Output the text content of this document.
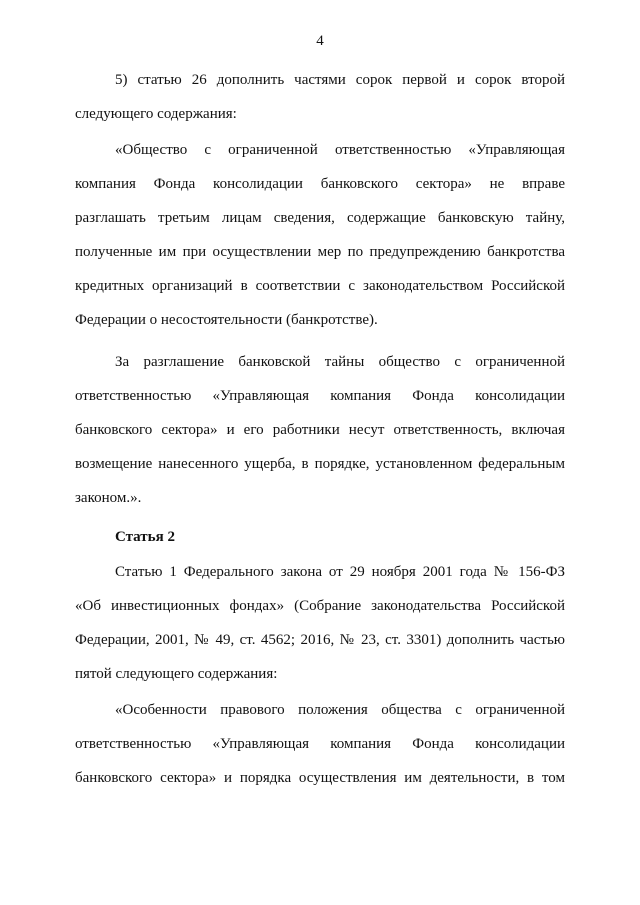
4
5) статью 26 дополнить частями сорок первой и сорок второй
следующего содержания:
«Общество с ограниченной ответственностью «Управляющая
компания Фонда консолидации банковского сектора» не вправе
разглашать третьим лицам сведения, содержащие банковскую тайну,
полученные им при осуществлении мер по предупреждению банкротства
кредитных организаций в соответствии с законодательством Российской
Федерации о несостоятельности (банкротстве).
За разглашение банковской тайны общество с ограниченной
ответственностью «Управляющая компания Фонда консолидации
банковского сектора» и его работники несут ответственность, включая
возмещение нанесенного ущерба, в порядке, установленном федеральным
законом.».
Статья 2
Статью 1 Федерального закона от 29 ноября 2001 года № 156-ФЗ
«Об инвестиционных фондах» (Собрание законодательства Российской
Федерации, 2001, № 49, ст. 4562; 2016, № 23, ст. 3301) дополнить частью
пятой следующего содержания:
«Особенности правового положения общества с ограниченной
ответственностью «Управляющая компания Фонда консолидации
банковского сектора» и порядка осуществления им деятельности, в том
